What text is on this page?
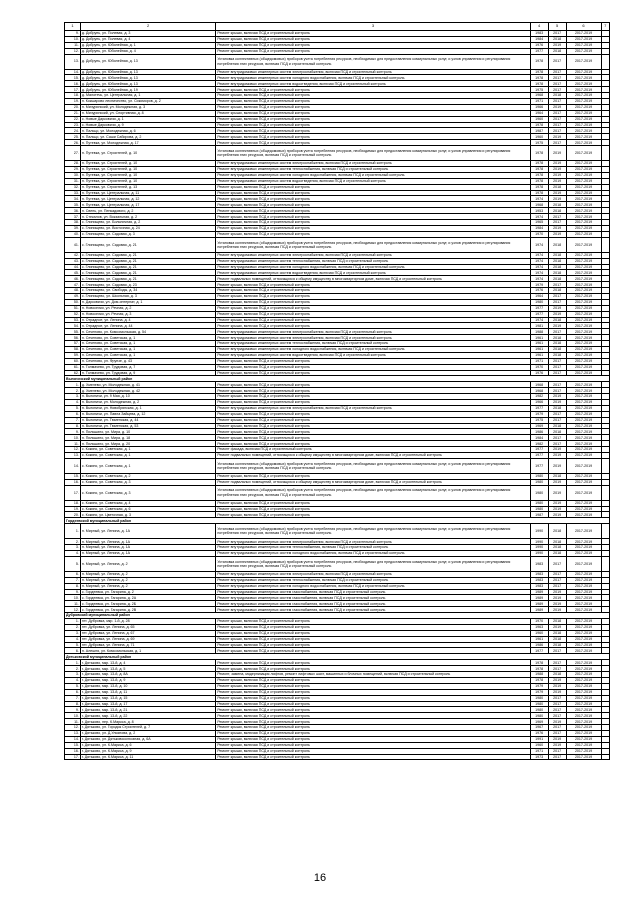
1	2	3	4	5	6	7
9.	д. Добрунь, ул. Полевая, д. 3	Ремонт крыши, включая ПСД и строительный контроль	1983	2017	2017-2019	
10.	д. Добрунь, ул. Полевая, д. 4	Ремонт крыши, включая ПСД и строительный контроль	1984	2018	2017-2019	
11.	д. Добрунь, ул. Юбилейная, д. 1	Ремонт крыши, включая ПСД и строительный контроль	1976	2019	2017-2019	
12.	д. Добрунь, ул. Юбилейная, д. 4	Ремонт крыши, включая ПСД и строительный контроль	1977	2018	2017-2019	
13.	д. Добрунь, ул. Юбилейная, д. 13	Установка коллективных (общедомовых) приборов учета потребления ресурсов, необходимых для предоставления коммунальных услуг, и узлов управления и регулирования потребления этих ресурсов, включая ПСД и строительный контроль	1978	2017	2017-2019	
14.	д. Добрунь, ул. Юбилейная, д. 13	Ремонт внутридомовых инженерных систем электроснабжения, включая ПСД и строительный контроль	1978	2017	2017-2019	
15.	д. Добрунь, ул. Юбилейная, д. 13	Ремонт внутридомовых инженерных систем холодного водоснабжения, включая ПСД и строительный контроль	1978	2017	2017-2019	
16.	д. Добрунь, ул. Юбилейная, д. 13	Ремонт внутридомовых инженерных систем водоотведения, включая ПСД и строительный контроль	1978	2017	2017-2019	
17.	д. Добрунь, ул. Юбилейная, д. 19	Ремонт крыши, включая ПСД и строительный контроль	1975	2017	2017-2019	
18.	д. Малотечь, ул. Центральная, д. 1	Ремонт крыши, включая ПСД и строительный контроль	1968	2018	2017-2019	
19.	п. Кокшарово лесничество, ул. Сикоморов, д. 2	Ремонт крыши, включая ПСД и строительный контроль	1971	2017	2017-2019	
20.	п. Мичуринский, ул. Молодежная, д. 3	Ремонт крыши, включая ПСД и строительный контроль	1966	2019	2017-2019	
21.	п. Мичуринский, ул. Спортивная, д. 8	Ремонт крыши, включая ПСД и строительный контроль	1964	2017	2017-2019	
22.	с. Новые Дарковичи, д. 1	Ремонт крыши, включая ПСД и строительный контроль	1960	2017	2017-2019	
23.	с. Новые Дарковичи, д. 9	Ремонт крыши, включая ПСД и строительный контроль	1978	2017	2017-2019	
24.	п. Пальцо, ул. Молодежная, д. 6	Ремонт крыши, включая ПСД и строительный контроль	1987	2017	2017-2019	
25.	п. Пальцо, ул. Саши Сабирова, д. 2	Ремонт крыши, включая ПСД и строительный контроль	1960	2019	2017-2019	
26.	п. Путевка, ул. Молодежная, д. 17	Ремонт крыши, включая ПСД и строительный контроль	1975	2017	2017-2019	
27.	п. Путевка, ул. Строителей, д. 10	Установка коллективных (общедомовых) приборов учета потребления ресурсов, необходимых для предоставления коммунальных услуг, и узлов управления и регулирования потребления этих ресурсов, включая ПСД и строительный контроль	1978	2019	2017-2019	
28.	п. Путевка, ул. Строителей, д. 10	Ремонт внутридомовых инженерных систем электроснабжения, включая ПСД и строительный контроль	1978	2019	2017-2019	
29.	п. Путевка, ул. Строителей, д. 10	Ремонт внутридомовых инженерных систем теплоснабжения, включая ПСД и строительный контроль	1978	2019	2017-2019	
30.	п. Путевка, ул. Строителей, д. 10	Ремонт внутридомовых инженерных систем холодного водоснабжения, включая ПСД и строительный контроль	1978	2019	2017-2019	
31.	п. Путевка, ул. Строителей, д. 10	Ремонт внутридомовых инженерных систем водоотведения, включая ПСД и строительный контроль	1978	2019	2017-2019	
32.	п. Путевка, ул. Строителей, д. 13	Ремонт крыши, включая ПСД и строительный контроль	1978	2018	2017-2019	
33.	п. Путевка, ул. Центральная, д. 11	Ремонт крыши, включая ПСД и строительный контроль	1978	2019	2017-2019	
34.	п. Путевка, ул. Центральная, д. 12	Ремонт крыши, включая ПСД и строительный контроль	1974	2019	2017-2019	
35.	п. Путевка, ул. Центральная, д. 17	Ремонт крыши, включая ПСД и строительный контроль	1968	2018	2017-2019	
36.	п. Свень, ул. Пенкадового, д. 2	Ремонт крыши, включая ПСД и строительный контроль	1953	2018	2017-2019	
37.	п. Стекалов, ул. Вокзальная, д. 2	Ремонт крыши, включая ПСД и строительный контроль	1974	2017	2017-2019	
38.	с. Глинищево, ул. Больничная, д. 2	Ремонт крыши, включая ПСД и строительный контроль	1965	2017	2017-2019	
39.	с. Глинищево, ул. Восточная, д. 24	Ремонт крыши, включая ПСД и строительный контроль	1984	2019	2017-2019	
40.	с. Глинищево, ул. Садовая, д. 3	Ремонт крыши, включая ПСД и строительный контроль	1970	2019	2017-2019	
41.	с. Глинищево, ул. Садовая, д. 21	Установка коллективных (общедомовых) приборов учета потребления ресурсов, необходимых для предоставления коммунальных услуг, и узлов управления и регулирования потребления этих ресурсов, включая ПСД и строительный контроль	1974	2018	2017-2019	
42.	с. Глинищево, ул. Садовая, д. 21	Ремонт внутридомовых инженерных систем электроснабжения, включая ПСД и строительный контроль	1974	2018	2017-2019	
43.	с. Глинищево, ул. Садовая, д. 21	Ремонт внутридомовых инженерных систем теплоснабжения, включая ПСД и строительный контроль	1974	2018	2017-2019	
44.	с. Глинищево, ул. Садовая, д. 21	Ремонт внутридомовых инженерных систем холодного водоснабжения, включая ПСД и строительный контроль	1974	2018	2017-2019	
45.	с. Глинищево, ул. Садовая, д. 21	Ремонт внутридомовых инженерных систем водоотведения, включая ПСД и строительный контроль	1974	2018	2017-2019	
46.	с. Глинищево, ул. Садовая, д. 21	Ремонт подвальных помещений, относящихся к общему имуществу в многоквартирном доме, включая ПСД и строительный контроль	1974	2018	2017-2019	
47.	с. Глинищево, ул. Садовая, д. 23	Ремонт крыши, включая ПСД и строительный контроль	1979	2017	2017-2019	
48.	с. Глинищево, ул. Свободы, д. 34	Ремонт крыши, включая ПСД и строительный контроль	1976	2018	2017-2019	
49.	с. Глинищево, ул. Школьная, д. 3	Ремонт крыши, включая ПСД и строительный контроль	1964	2017	2017-2019	
50.	п. Дарковичи, ул. Дом-интернат, д. 1	Ремонт крыши, включая ПСД и строительный контроль	1980	2017	2017-2019	
51.	п. Новоселки, ул. Речная, д. 2	Ремонт крыши, включая ПСД и строительный контроль	1977	2019	2017-2019	
52.	п. Новоселки, ул. Речная, д. 3	Ремонт крыши, включая ПСД и строительный контроль	1977	2019	2017-2019	
53.	п. Отрадное, ул. Ленина, д. 4	Ремонт крыши, включая ПСД и строительный контроль	1974	2018	2017-2019	
54.	п. Отрадное, ул. Ленина, д. 44	Ремонт крыши, включая ПСД и строительный контроль	1981	2019	2017-2019	
55.	п. Сеченово, ул. Комсомольская, д. 54	Ремонт внутридомовых инженерных систем электроснабжения, включая ПСД и строительный контроль	1988	2017	2017-2019	
56.	п. Сеченово, ул. Советская, д. 1	Ремонт внутридомовых инженерных систем электроснабжения, включая ПСД и строительный контроль	1961	2018	2017-2019	
57.	п. Сеченово, ул. Советская, д. 1	Ремонт внутридомовых инженерных систем теплоснабжения, включая ПСД и строительный контроль	1961	2018	2017-2019	
58.	п. Сеченово, ул. Советская, д. 1	Ремонт внутридомовых инженерных систем холодного водоснабжения, включая ПСД и строительный контроль	1961	2018	2017-2019	
59.	п. Сеченово, ул. Советская, д. 1	Ремонт внутридомовых инженерных систем водоотведения, включая ПСД и строительный контроль	1961	2018	2017-2019	
60.	п. Сеченово, ул. Фрунзе, д. 43	Ремонт крыши, включая ПСД и строительный контроль	1971	2017	2017-2019	
61.	п. Толмачево, ул. Трудовая, д. 7	Ремонт крыши, включая ПСД и строительный контроль	1970	2017	2017-2019	
62.	п. Толмачево, ул. Трудовая, д. 9	Ремонт крыши, включая ПСД и строительный контроль	1976	2017	2017-2019	
Выгоничский муниципальный район						
1.	д. Хмелево, ул. Молодежная, д. 41	Ремонт крыши, включая ПСД и строительный контроль	1968	2017	2017-2019	
2.	д. Хмелево, ул. Молодежная, д. 42	Ремонт крыши, включая ПСД и строительный контроль	1968	2017	2017-2019	
3.	п. Выгоничи, ул. 9 Мая, д. 10	Ремонт крыши, включая ПСД и строительный контроль	1982	2019	2017-2019	
4.	п. Выгоничи, ул. Молодежная, д. 2	Ремонт крыши, включая ПСД и строительный контроль	1966	2019	2017-2019	
5.	п. Выгоничи, ул. Новобрянская, д. 1	Ремонт внутридомовых инженерных систем электроснабжения, включая ПСД и строительный контроль	1977	2018	2017-2019	
6.	п. Выгоничи, ул. Павла Зайцева, д. 12	Ремонт крыши, включая ПСД и строительный контроль	1979	2017	2017-2019	
7.	п. Выгоничи, ул. Тюменская, д. 44	Ремонт крыши, включая ПСД и строительный контроль	1975	2017	2017-2019	
8.	п. Выгоничи, ул. Тюменская, д. 53	Ремонт крыши, включая ПСД и строительный контроль	1969	2018	2017-2019	
9.	п. Пильшино, ул. Мира, д. 10	Ремонт крыши, включая ПСД и строительный контроль	1986	2018	2017-2019	
10.	п. Пильшино, ул. Мира, д. 18	Ремонт крыши, включая ПСД и строительный контроль	1984	2017	2017-2019	
11.	п. Пильшино, ул. Мира, д. 20	Ремонт крыши, включая ПСД и строительный контроль	1982	2017	2017-2019	
12.	с. Кокино, ул. Советская, д. 1	Ремонт фасада, включая ПСД и строительный контроль	1977	2019	2017-2019	
13.	с. Кокино, ул. Советская, д. 1	Ремонт подвальных помещений, относящихся к общему имуществу в многоквартирном доме, включая ПСД и строительный контроль	1977	2019	2017-2019	
14.	с. Кокино, ул. Советская, д. 1	Установка коллективных (общедомовых) приборов учета потребления ресурсов, необходимых для предоставления коммунальных услуг, и узлов управления и регулирования потребления этих ресурсов, включая ПСД и строительный контроль	1977	2019	2017-2019	
15.	с. Кокино, ул. Советская, д. 2	Ремонт крыши, включая ПСД и строительный контроль	1980	2018	2017-2019	
16.	с. Кокино, ул. Советская, д. 3	Ремонт подвальных помещений, относящихся к общему имуществу в многоквартирном доме, включая ПСД и строительный контроль	1980	2019	2017-2019	
17.	с. Кокино, ул. Советская, д. 3	Установка коллективных (общедомовых) приборов учета потребления ресурсов, необходимых для предоставления коммунальных услуг, и узлов управления и регулирования потребления этих ресурсов, включая ПСД и строительный контроль	1980	2019	2017-2019	
18.	с. Кокино, ул. Советская, д. 4	Ремонт крыши, включая ПСД и строительный контроль	1980	2019	2017-2019	
19.	с. Кокино, ул. Советская, д. 6	Ремонт крыши, включая ПСД и строительный контроль	1980	2019	2017-2019	
20.	с. Кокино, ул. Цветочная, д. 3	Ремонт крыши, включая ПСД и строительный контроль	1987	2019	2017-2019	
Гордеевский муниципальный район						
1.	п. Мирный, ул. Ленина, д. 1А	Установка коллективных (общедомовых) приборов учета потребления ресурсов, необходимых для предоставления коммунальных услуг, и узлов управления и регулирования потребления этих ресурсов, включая ПСД и строительный контроль	1990	2018	2017-2019	
2.	п. Мирный, ул. Ленина, д. 1А	Ремонт внутридомовых инженерных систем электроснабжения, включая ПСД и строительный контроль	1990	2018	2017-2019	
3.	п. Мирный, ул. Ленина, д. 1А	Ремонт внутридомовых инженерных систем теплоснабжения, включая ПСД и строительный контроль	1990	2018	2017-2019	
4.	п. Мирный, ул. Ленина, д. 1А	Ремонт внутридомовых инженерных систем холодного водоснабжения, включая ПСД и строительный контроль	1990	2018	2017-2019	
5.	п. Мирный, ул. Ленина, д. 2	Установка коллективных (общедомовых) приборов учета потребления ресурсов, необходимых для предоставления коммунальных услуг, и узлов управления и регулирования потребления этих ресурсов, включая ПСД и строительный контроль	1983	2017	2017-2019	
6.	п. Мирный, ул. Ленина, д. 2	Ремонт внутридомовых инженерных систем электроснабжения, включая ПСД и строительный контроль	1983	2017	2017-2019	
7.	п. Мирный, ул. Ленина, д. 2	Ремонт внутридомовых инженерных систем теплоснабжения, включая ПСД и строительный контроль	1983	2017	2017-2019	
8.	п. Мирный, ул. Ленина, д. 2	Ремонт внутридомовых инженерных систем холодного водоснабжения, включая ПСД и строительный контроль	1983	2017	2017-2019	
9.	с. Гордеевка, ул. Гагарина, д. 2	Ремонт внутридомовых инженерных систем газоснабжения, включая ПСД и строительный контроль	1989	2019	2017-2019	
10.	с. Гордеевка, ул. Гагарина, д. 2А	Ремонт внутридомовых инженерных систем газоснабжения, включая ПСД и строительный контроль	1989	2019	2017-2019	
11.	с. Гордеевка, ул. Гагарина, д. 2Б	Ремонт внутридомовых инженерных систем газоснабжения, включая ПСД и строительный контроль	1989	2019	2017-2019	
12.	с. Гордеевка, ул. Гагарина, д. 2В	Ремонт внутридомовых инженерных систем газоснабжения, включая ПСД и строительный контроль	1989	2019	2017-2019	
Дубровский муниципальный район						
1.	пгт. Дубровка, мкр. 1-й, д. 28	Ремонт крыши, включая ПСД и строительный контроль	1970	2018	2017-2019	
2.	пгт. Дубровка, ул. Ленина, д. 65	Ремонт крыши, включая ПСД и строительный контроль	1963	2019	2017-2019	
3.	пгт. Дубровка, ул. Ленина, д. 67	Ремонт крыши, включая ПСД и строительный контроль	1960	2018	2017-2019	
4.	пгт. Дубровка, ул. Ленина, д. 69	Ремонт крыши, включая ПСД и строительный контроль	1961	2018	2017-2019	
5.	пгт. Дубровка, ул. Ленина, д. 71	Ремонт крыши, включая ПСД и строительный контроль	1986	2018	2017-2019	
6.	п. Алешня, ул. Комсомольская, д. 1	Ремонт крыши, включая ПСД и строительный контроль	1977	2017	2017-2019	
Дятьковский муниципальный район						
1.	г. Дятьково, мкр. 13-й, д. 4	Ремонт крыши, включая ПСД и строительный контроль	1978	2017	2017-2019	
2.	г. Дятьково, мкр. 13-й, д. 5	Ремонт крыши, включая ПСД и строительный контроль	1978	2017	2017-2019	
3.	г. Дятьково, мкр. 13-й, д. 8А	Ремонт, замена, модернизация лифтов, ремонт лифтовых шахт, машинных и блочных помещений, включая ПСД и строительный контроль	1988	2018	2017-2019	
4.	г. Дятьково, мкр. 13-й, д. 9	Ремонт крыши, включая ПСД и строительный контроль	1978	2019	2017-2019	
5.	г. Дятьково, мкр. 13-й, д. 10	Ремонт крыши, включая ПСД и строительный контроль	1979	2019	2017-2019	
6.	г. Дятьково, мкр. 13-й, д. 11	Ремонт крыши, включая ПСД и строительный контроль	1979	2019	2017-2019	
7.	г. Дятьково, мкр. 13-й, д. 15	Ремонт крыши, включая ПСД и строительный контроль	1980	2017	2017-2019	
8.	г. Дятьково, мкр. 13-й, д. 17	Ремонт крыши, включая ПСД и строительный контроль	1980	2017	2017-2019	
9.	г. Дятьково, мкр. 13-й, д. 21	Ремонт крыши, включая ПСД и строительный контроль	1980	2017	2017-2019	
10.	г. Дятьково, мкр. 13-й, д. 22	Ремонт крыши, включая ПСД и строительный контроль	1980	2017	2017-2019	
11.	г. Дятьково, пер. К.Маркса, д. 8	Ремонт крыши, включая ПСД и строительный контроль	1969	2019	2017-2019	
12.	г. Дятьково, ул. Городок Строителей, д. 7	Ремонт крыши, включая ПСД и строительный контроль	1967	2017	2017-2019	
13.	г. Дятьково, ул. Д.Ульянова, д. 2	Ремонт крыши, включая ПСД и строительный контроль	1976	2017	2017-2019	
14.	г. Дятьково, ул. Дятьковоколхозная, д. 6А	Ремонт крыши, включая ПСД и строительный контроль	1991	2019	2017-2019	
15.	г. Дятьково, ул. К.Маркса, д. 6	Ремонт крыши, включая ПСД и строительный контроль	1960	2019	2017-2019	
16.	г. Дятьково, ул. К.Маркса, д. 9	Ремонт крыши, включая ПСД и строительный контроль	1971	2017	2017-2019	
17.	г. Дятьково, ул. К.Маркса, д. 11	Ремонт крыши, включая ПСД и строительный контроль	1973	2017	2017-2019	
16
